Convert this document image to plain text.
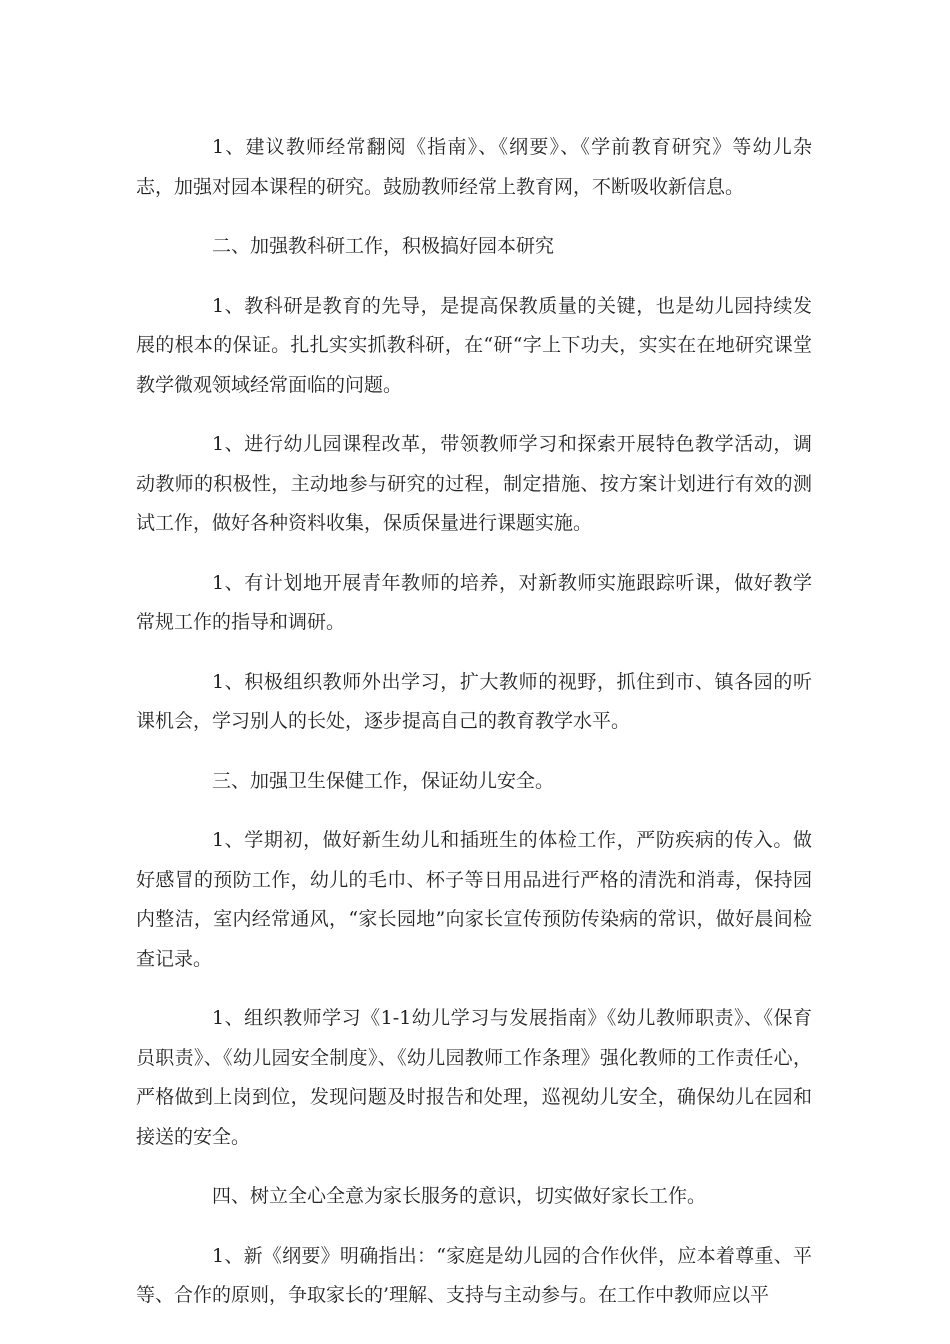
1、建议教师经常翻阅《指南》、《纲要》、《学前教育研究》等幼儿杂志，加强对园本课程的研究。鼓励教师经常上教育网，不断吸收新信息。

二、加强教科研工作，积极搞好园本研究

1、教科研是教育的先导，是提高保教质量的关键，也是幼儿园持续发展的根本的保证。扎扎实实抓教科研，在“研“字上下功夫，实实在在地研究课堂教学微观领域经常面临的问题。

1、进行幼儿园课程改革，带领教师学习和探索开展特色教学活动，调动教师的积极性，主动地参与研究的过程，制定措施、按方案计划进行有效的测试工作，做好各种资料收集，保质保量进行课题实施。

1、有计划地开展青年教师的培养，对新教师实施跟踪听课，做好教学常规工作的指导和调研。

1、积极组织教师外出学习，扩大教师的视野，抓住到市、镇各园的听课机会，学习别人的长处，逐步提高自己的教育教学水平。

三、加强卫生保健工作，保证幼儿安全。

1、学期初，做好新生幼儿和插班生的体检工作，严防疾病的传入。做好感冒的预防工作，幼儿的毛巾、杯子等日用品进行严格的清洗和消毒，保持园内整洁，室内经常通风，“家长园地”向家长宣传预防传染病的常识，做好晨间检查记录。

1、组织教师学习《1-1幼儿学习与发展指南》《幼儿教师职责》、《保育员职责》、《幼儿园安全制度》、《幼儿园教师工作条理》强化教师的工作责任心，严格做到上岗到位，发现问题及时报告和处理，巡视幼儿安全，确保幼儿在园和接送的安全。

四、树立全心全意为家长服务的意识，切实做好家长工作。

1、新《纲要》明确指出：“家庭是幼儿园的合作伙伴，应本着尊重、平等、合作的原则，争取家长的’理解、支持与主动参与。在工作中教师应以平
